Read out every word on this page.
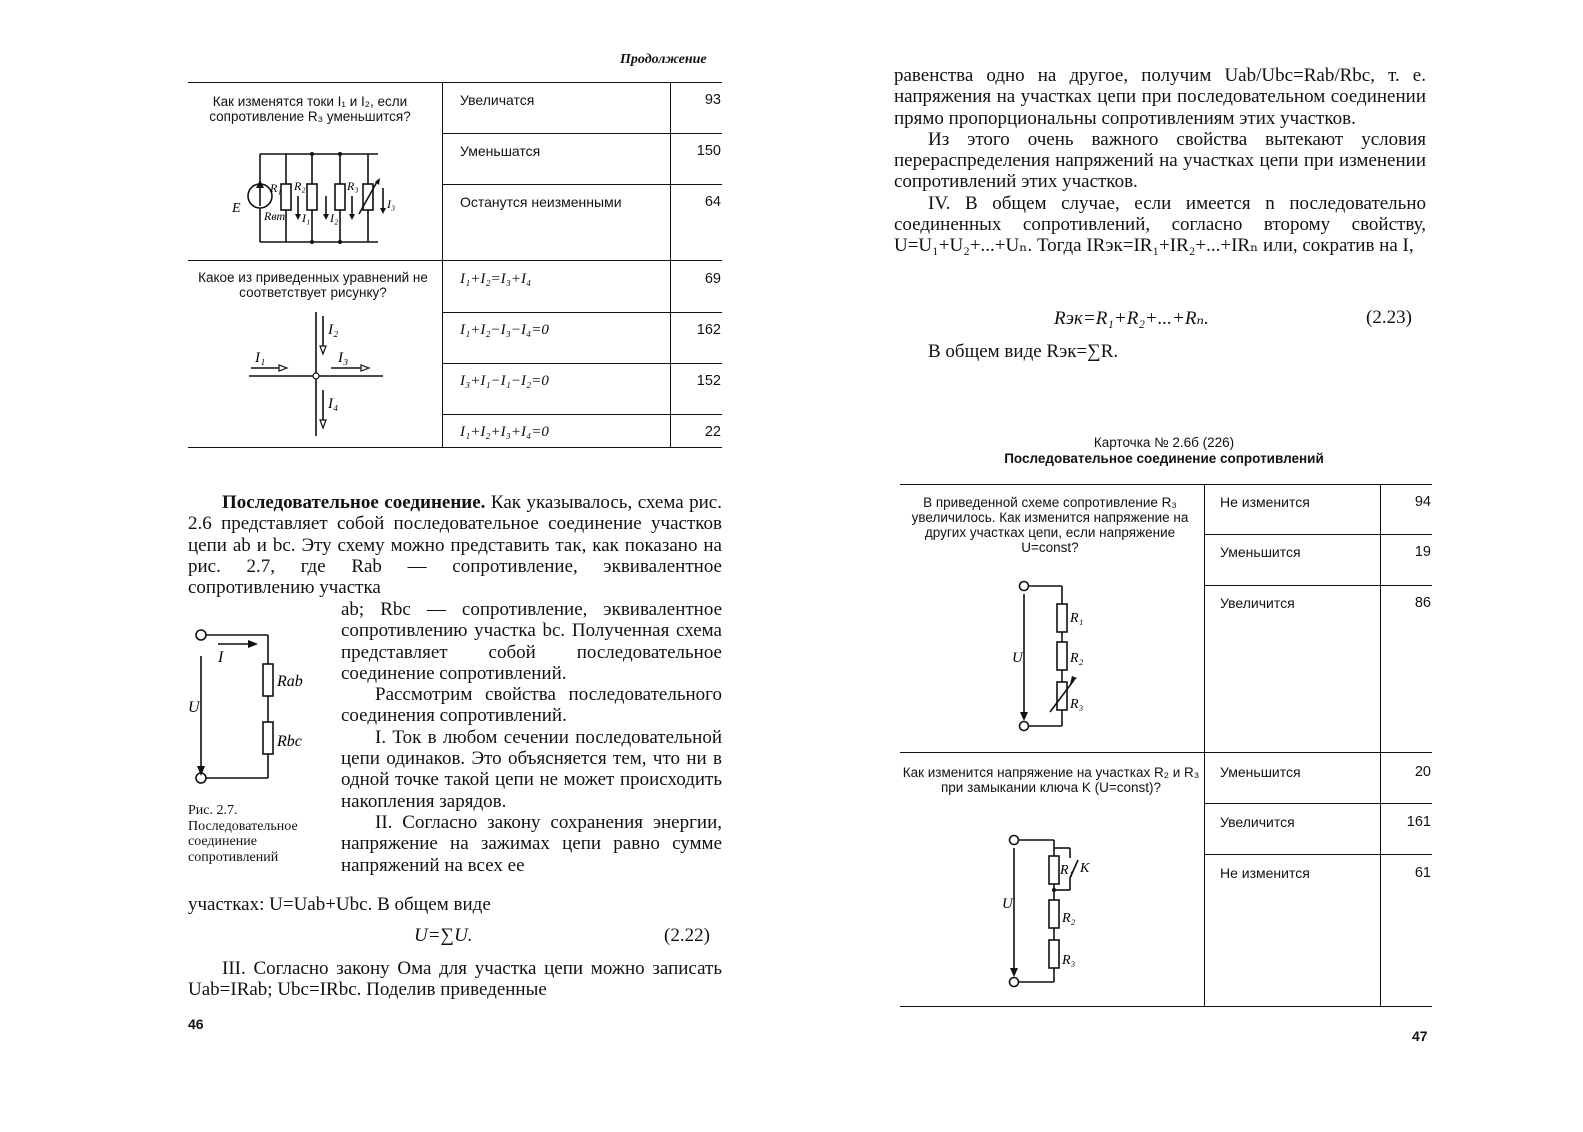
Продолжение
Как изменятся токи I₁ и I₂, если сопротивление R₃ уменьшится?
Увеличатся	93
Уменьшатся	150
Останутся неизменными	64
Какое из приведенных уравнений не соответствует рисунку?
I₁+I₂=I₃+I₄	69
I₁+I₂−I₃−I₄=0	162
I₃+I₁−I₁−I₂=0	152
I₁+I₂+I₃+I₄=0	22
E
R₁
Rвт
R₂	R₃
I₁ I₂
I₃
I₂
I₁	I₃
I₄

Последовательное соединение. Как указывалось, схема рис. 2.6 представляет собой последовательное соединение участков цепи ab и bc. Эту схему можно представить так, как показано на рис. 2.7, где Rab — сопротивление, эквивалентное сопротивлению участка

ab; Rbc — сопротивление, эквивалентное сопротивлению участка bc. Полученная схема представляет собой последовательное соединение сопротивлений.

Рассмотрим свойства последовательного соединения сопротивлений.

I. Ток в любом сечении последовательной цепи одинаков. Это объясняется тем, что ни в одной точке такой цепи не может происходить накопления зарядов.

II. Согласно закону сохранения энергии, напряжение на зажимах цепи равно сумме напряжений на всех ее

участках: U=Uab+Ubc. В общем виде
I
U
Rab
Rbc
Рис. 2.7. Последовательное соединение сопротивлений
U=∑U.	(2.22)

III. Согласно закону Ома для участка цепи можно записать Uab=IRab; Ubc=IRbc. Поделив приведенные

46

равенства одно на другое, получим Uab/Ubc=Rab/Rbc, т. е. напряжения на участках цепи при последовательном соединении прямо пропорциональны сопротивлениям этих участков.

Из этого очень важного свойства вытекают условия перераспределения напряжений на участках цепи при изменении сопротивлений этих участков.

IV. В общем случае, если имеется n последовательно соединенных сопротивлений, согласно второму свойству, U=U₁+U₂+...+Uₙ. Тогда IRэк=IR₁+IR₂+...+IRₙ или, сократив на I,

Rэк=R₁+R₂+...+Rₙ.	(2.23)
В общем виде Rэк=∑R.
Карточка № 2.6б (226)
Последовательное соединение сопротивлений
В приведенной схеме сопротивление R₃ увеличилось. Как изменится напряжение на других участках цепи, если напряжение U=const?
Не изменится	94
Уменьшится	19
Увеличится	86
Как изменится напряжение на участках R₂ и R₃ при замыкании ключа K (U=const)?
Уменьшится	20
Увеличится	161
Не изменится	61
U
R₁
R₂
R₃
U
R₁ K
R₂
R₃
47
